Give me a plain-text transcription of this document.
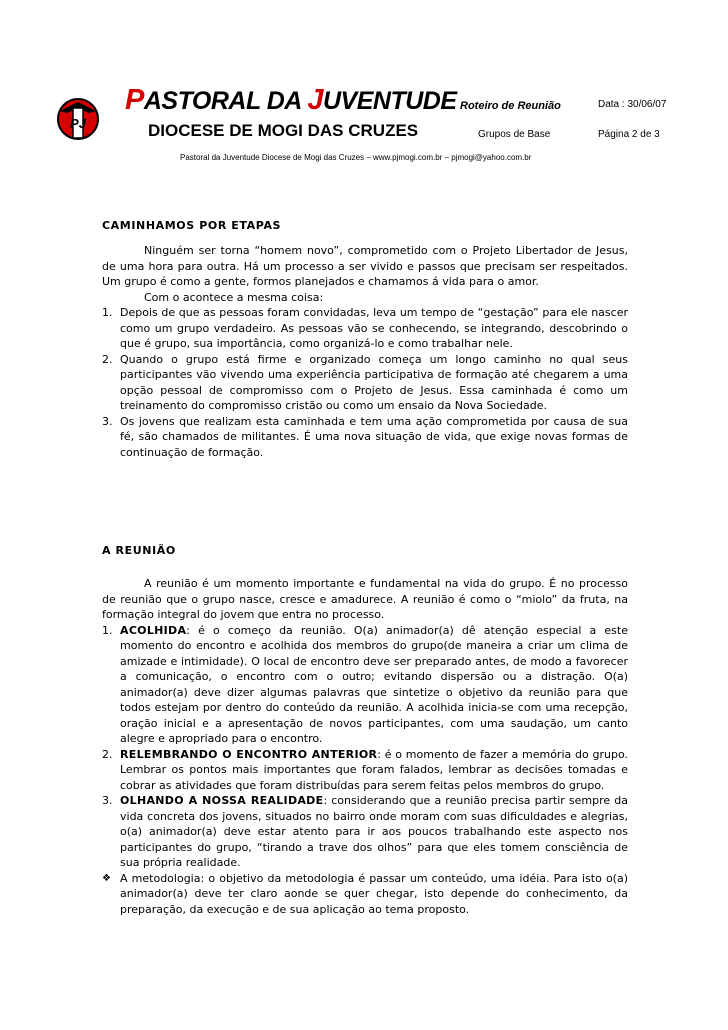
PJ
PASTORAL DA JUVENTUDE
DIOCESE DE MOGI DAS CRUZES
Pastoral da Juventude Diocese de Mogi das Cruzes – www.pjmogi.com.br – pjmogi@yahoo.com.br
Roteiro de Reunião	Data : 30/06/07
Grupos de Base	Página 2 de 3
CAMINHAMOS POR ETAPAS
Ninguém ser torna “homem novo”, comprometido com o Projeto Libertador de Jesus, de uma hora para outra. Há um processo a ser vivido e passos que precisam ser respeitados. Um grupo é como a gente, formos planejados e chamamos á vida para o amor.
Com o acontece a mesma coisa:
1. Depois de que as pessoas foram convidadas, leva um tempo de “gestação” para ele nascer como um grupo verdadeiro. As pessoas vão se conhecendo, se integrando, descobrindo o que é grupo, sua importância, como organizá-lo e como trabalhar nele.
2. Quando o grupo está firme e organizado começa um longo caminho no qual seus participantes vão vivendo uma experiência participativa de formação até chegarem a uma opção pessoal de compromisso com o Projeto de Jesus. Essa caminhada é como um treinamento do compromisso cristão ou como um ensaio da Nova Sociedade.
3. Os jovens que realizam esta caminhada e tem uma ação comprometida por causa de sua fé, são chamados de militantes. É uma nova situação de vida, que exige novas formas de continuação de formação.
A REUNIÃO
A reunião é um momento importante e fundamental na vida do grupo. É no processo de reunião que o grupo nasce, cresce e amadurece. A reunião é como o “miolo” da fruta, na formação integral do jovem que entra no processo.
1. ACOLHIDA: é o começo da reunião. O(a) animador(a) dê atenção especial a este momento do encontro e acolhida dos membros do grupo(de maneira a criar um clima de amizade e intimidade). O local de encontro deve ser preparado antes, de modo a favorecer a comunicação, o encontro com o outro; evitando dispersão ou a distração. O(a) animador(a) deve dizer algumas palavras que sintetize o objetivo da reunião para que todos estejam por dentro do conteúdo da reunião. A acolhida inicia-se com uma recepção, oração inicial e a apresentação de novos participantes, com uma saudação, um canto alegre e apropriado para o encontro.
2. RELEMBRANDO O ENCONTRO ANTERIOR: é o momento de fazer a memória do grupo. Lembrar os pontos mais importantes que foram falados, lembrar as decisões tomadas e cobrar as atividades que foram distribuídas para serem feitas pelos membros do grupo.
3. OLHANDO A NOSSA REALIDADE: considerando que a reunião precisa partir sempre da vida concreta dos jovens, situados no bairro onde moram com suas dificuldades e alegrias, o(a) animador(a) deve estar atento para ir aos poucos trabalhando este aspecto nos participantes do grupo, “tirando a trave dos olhos” para que eles tomem consciência de sua própria realidade.
❖ A metodologia: o objetivo da metodologia é passar um conteúdo, uma idéia. Para isto o(a) animador(a) deve ter claro aonde se quer chegar, isto depende do conhecimento, da preparação, da execução e de sua aplicação ao tema proposto.
